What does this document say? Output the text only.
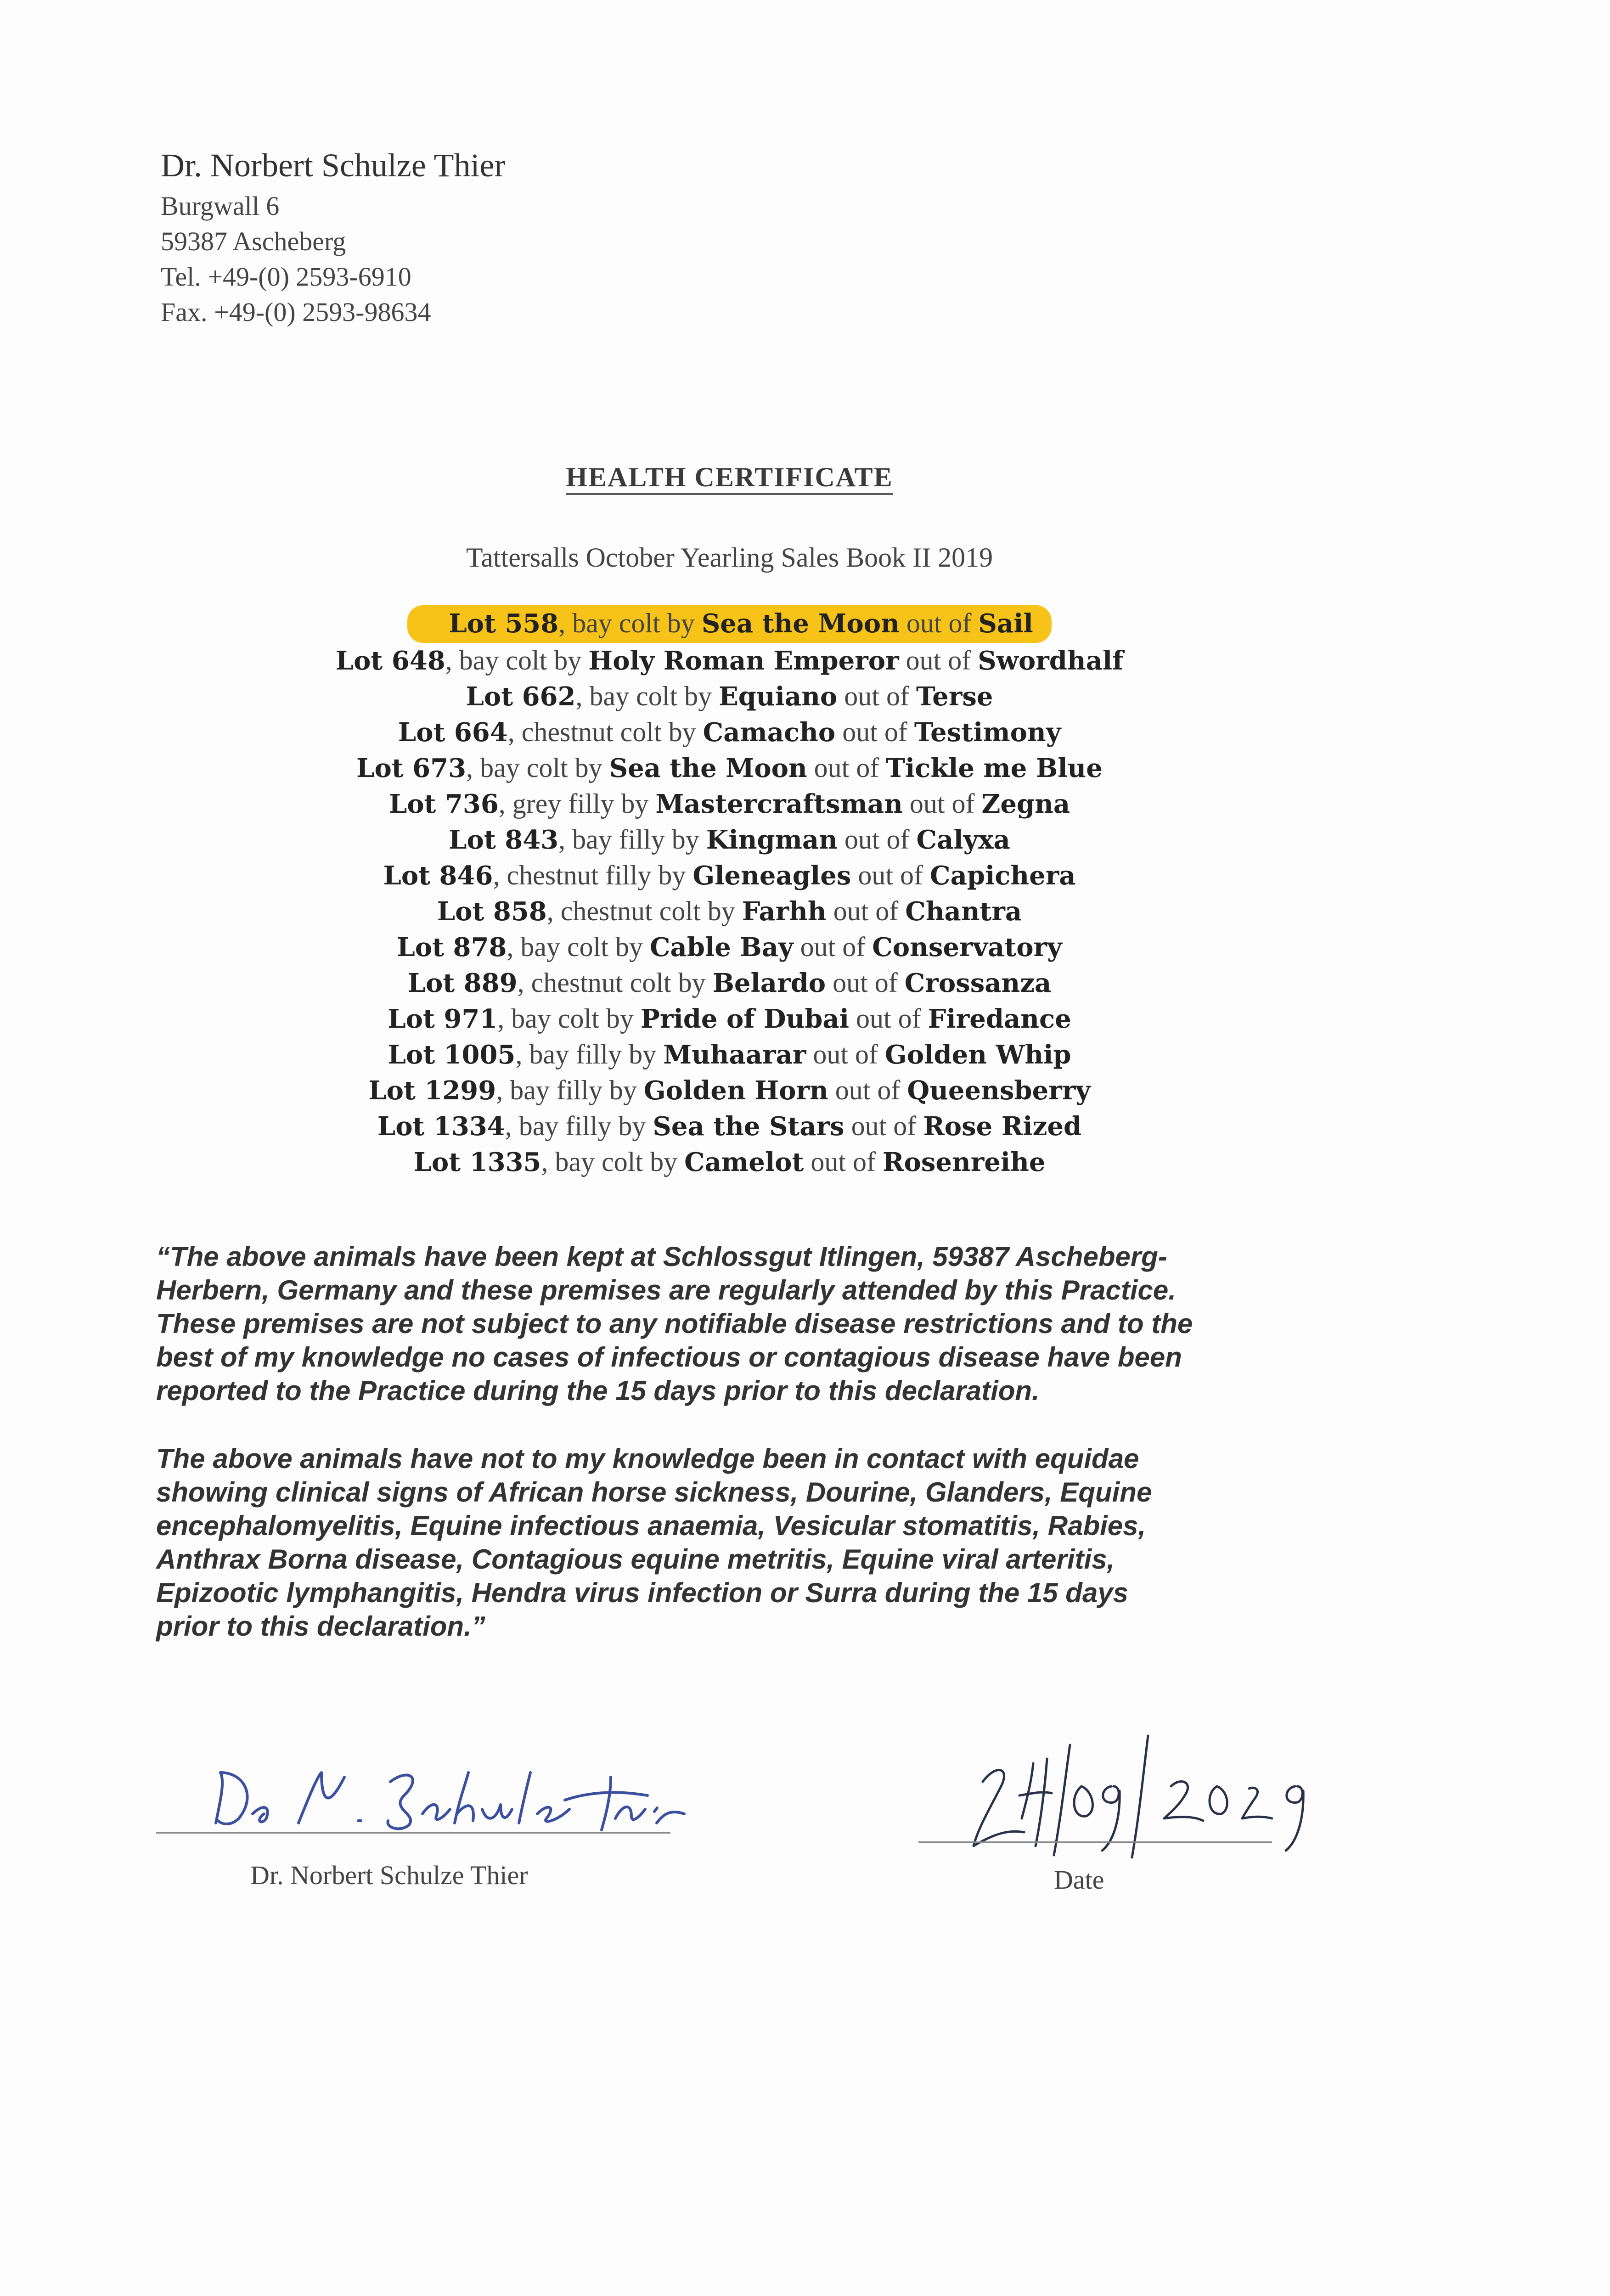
Dr. Norbert Schulze Thier
Burgwall 6
59387 Ascheberg
Tel. +49-(0) 2593-6910
Fax. +49-(0) 2593-98634
HEALTH CERTIFICATE
Tattersalls October Yearling Sales Book II 2019
Lot 558, bay colt by Sea the Moon out of Sail
Lot 648, bay colt by Holy Roman Emperor out of Swordhalf
Lot 662, bay colt by Equiano out of Terse
Lot 664, chestnut colt by Camacho out of Testimony
Lot 673, bay colt by Sea the Moon out of Tickle me Blue
Lot 736, grey filly by Mastercraftsman out of Zegna
Lot 843, bay filly by Kingman out of Calyxa
Lot 846, chestnut filly by Gleneagles out of Capichera
Lot 858, chestnut colt by Farhh out of Chantra
Lot 878, bay colt by Cable Bay out of Conservatory
Lot 889, chestnut colt by Belardo out of Crossanza
Lot 971, bay colt by Pride of Dubai out of Firedance
Lot 1005, bay filly by Muhaarar out of Golden Whip
Lot 1299, bay filly by Golden Horn out of Queensberry
Lot 1334, bay filly by Sea the Stars out of Rose Rized
Lot 1335, bay colt by Camelot out of Rosenreihe
“The above animals have been kept at Schlossgut Itlingen, 59387 Ascheberg-
Herbern, Germany and these premises are regularly attended by this Practice.
These premises are not subject to any notifiable disease restrictions and to the
best of my knowledge no cases of infectious or contagious disease have been
reported to the Practice during the 15 days prior to this declaration.
The above animals have not to my knowledge been in contact with equidae
showing clinical signs of African horse sickness, Dourine, Glanders, Equine
encephalomyelitis, Equine infectious anaemia, Vesicular stomatitis, Rabies,
Anthrax Borna disease, Contagious equine metritis, Equine viral arteritis,
Epizootic lymphangitis, Hendra virus infection or Surra during the 15 days
prior to this declaration.”
Dr. Norbert Schulze Thier	Date
